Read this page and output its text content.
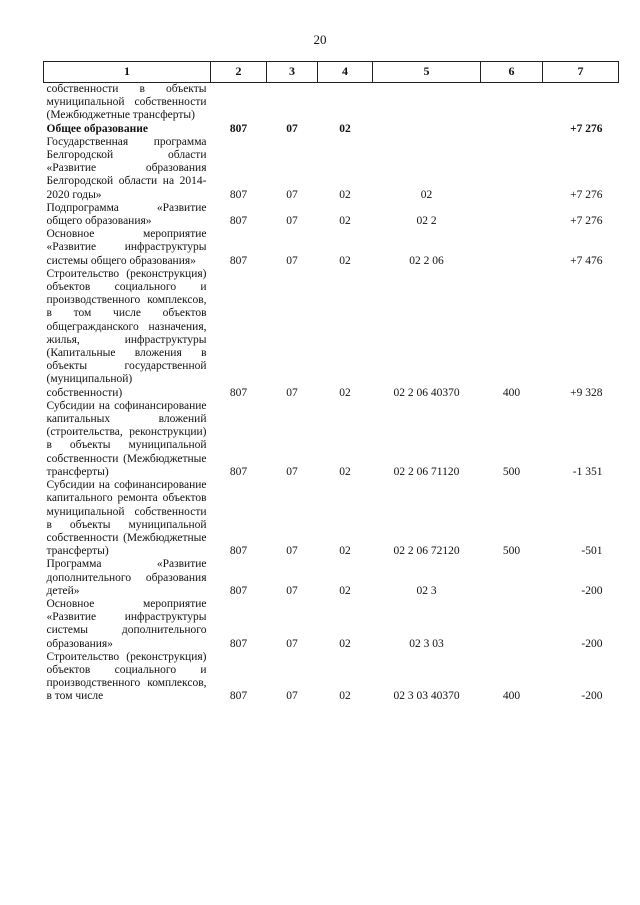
20
1	2	3	4	5	6	7
собственности в объекты муниципальной собственности (Межбюджетные трансферты)						
Общее образование	807	07	02			+7 276
Государственная программа Белгородской области «Развитие образования Белгородской области на 2014-2020 годы»	807	07	02	02		+7 276
Подпрограмма «Развитие общего образования»	807	07	02	02 2		+7 276
Основное мероприятие «Развитие инфраструктуры системы общего образования»	807	07	02	02 2 06		+7 476
Строительство (реконструкция) объектов социального и производственного комплексов, в том числе объектов общегражданского назначения, жилья, инфраструктуры (Капитальные вложения в объекты государственной (муниципальной) собственности)	807	07	02	02 2 06 40370	400	+9 328
Субсидии на софинансирование капитальных вложений (строительства, реконструкции) в объекты муниципальной собственности (Межбюджетные трансферты)	807	07	02	02 2 06 71120	500	-1 351
Субсидии на софинансирование капитального ремонта объектов муниципальной собственности в объекты муниципальной собственности (Межбюджетные трансферты)	807	07	02	02 2 06 72120	500	-501
Программа «Развитие дополнительного образования детей»	807	07	02	02 3		-200
Основное мероприятие «Развитие инфраструктуры системы дополнительного образования»	807	07	02	02 3 03		-200
Строительство (реконструкция) объектов социального и производственного комплексов, в том числе	807	07	02	02 3 03 40370	400	-200
